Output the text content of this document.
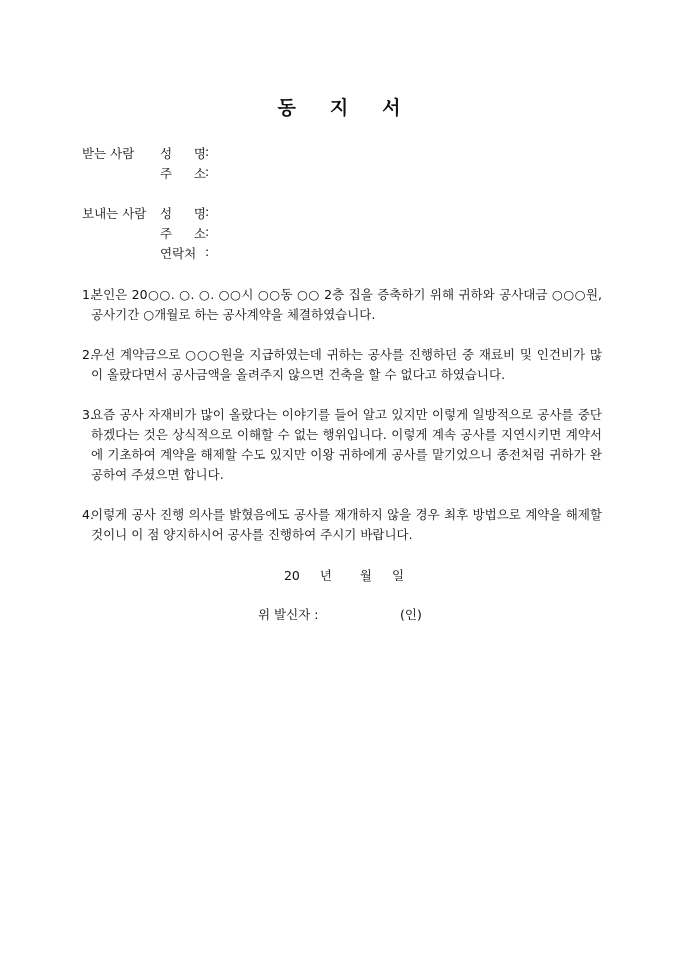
동 지 서
받는 사람 성 명 :
주 소 :
보내는 사람 성 명 :
주 소 :
연락처 :
1.
본인은 20○○. ○. ○. ○○시 ○○동 ○○ 2층 집을 증축하기 위해 귀하와 공사대금 ○○○원, 공사기간 ○개월로 하는 공사계약을 체결하였습니다.
2.
우선 계약금으로 ○○○원을 지급하였는데 귀하는 공사를 진행하던 중 재료비 및 인건비가 많이 올랐다면서 공사금액을 올려주지 않으면 건축을 할 수 없다고 하였습니다.
3.
요즘 공사 자재비가 많이 올랐다는 이야기를 들어 알고 있지만 이렇게 일방적으로 공사를 중단하겠다는 것은 상식적으로 이해할 수 없는 행위입니다. 이렇게 계속 공사를 지연시키면 계약서에 기초하여 계약을 해제할 수도 있지만 이왕 귀하에게 공사를 맡기었으니 종전처럼 귀하가 완공하여 주셨으면 합니다.
4.
이렇게 공사 진행 의사를 밝혔음에도 공사를 재개하지 않을 경우 최후 방법으로 계약을 해제할 것이니 이 점 양지하시어 공사를 진행하여 주시기 바랍니다.
20 년 월 일
위 발신자 :	(인)
